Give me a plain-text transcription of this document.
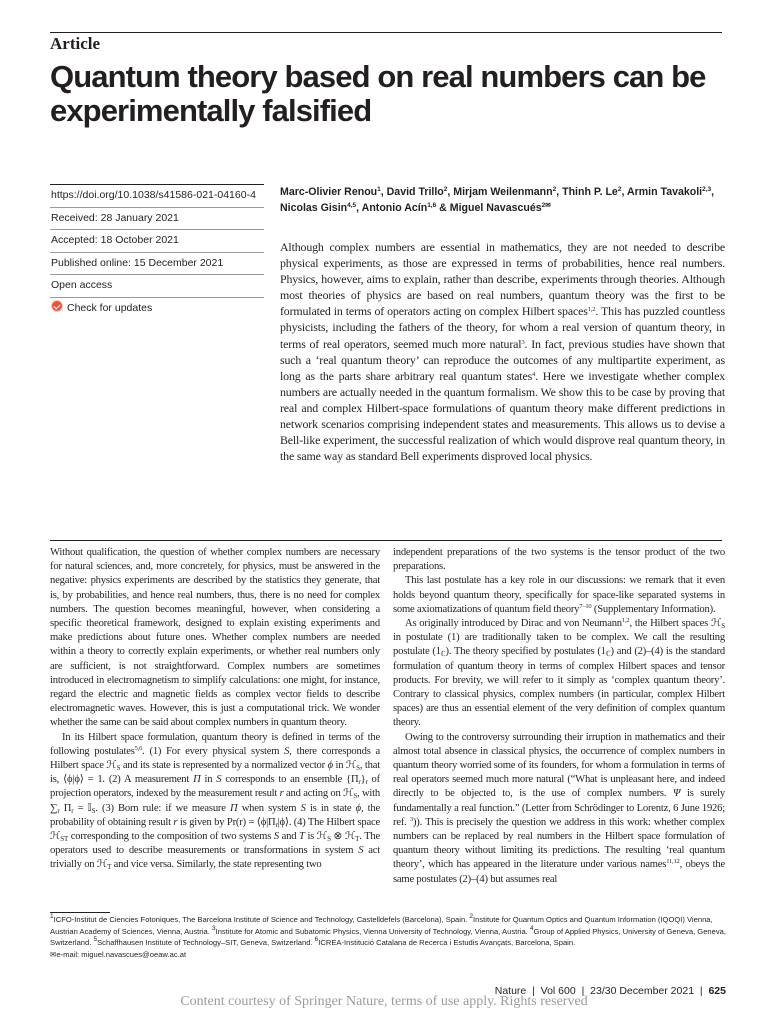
Article
Quantum theory based on real numbers can be experimentally falsified
https://doi.org/10.1038/s41586-021-04160-4
Received: 28 January 2021
Accepted: 18 October 2021
Published online: 15 December 2021
Open access
Check for updates
Marc-Olivier Renou$^1$, David Trillo$^2$, Mirjam Weilenmann$^2$, Thinh P. Le$^2$, Armin Tavakoli$^{2,3}$, Nicolas Gisin$^{4,5}$, Antonio Acín$^{1,6}$ & Miguel Navascués$^{2✉}$
Although complex numbers are essential in mathematics, they are not needed to describe physical experiments, as those are expressed in terms of probabilities, hence real numbers. Physics, however, aims to explain, rather than describe, experiments through theories. Although most theories of physics are based on real numbers, quantum theory was the first to be formulated in terms of operators acting on complex Hilbert spaces$^{1,2}$. This has puzzled countless physicists, including the fathers of the theory, for whom a real version of quantum theory, in terms of real operators, seemed much more natural$^3$. In fact, previous studies have shown that such a ‘real quantum theory’ can reproduce the outcomes of any multipartite experiment, as long as the parts share arbitrary real quantum states$^4$. Here we investigate whether complex numbers are actually needed in the quantum formalism. We show this to be case by proving that real and complex Hilbert-space formulations of quantum theory make different predictions in network scenarios comprising independent states and measurements. This allows us to devise a Bell-like experiment, the successful realization of which would disprove real quantum theory, in the same way as standard Bell experiments disproved local physics.

Without qualification, the question of whether complex numbers are necessary for natural sciences, and, more concretely, for physics, must be answered in the negative: physics experiments are described by the statistics they generate, that is, by probabilities, and hence real numbers, thus, there is no need for complex numbers. The question becomes meaningful, however, when considering a specific theoretical framework, designed to explain existing experiments and make predictions about future ones. Whether complex numbers are needed within a theory to correctly explain experiments, or whether real numbers only are sufficient, is not straightforward. Complex numbers are sometimes introduced in electromagnetism to simplify calculations: one might, for instance, regard the electric and magnetic fields as complex vector fields to describe electromagnetic waves. However, this is just a computational trick. We wonder whether the same can be said about complex numbers in quantum theory.

In its Hilbert space formulation, quantum theory is defined in terms of the following postulates$^{5,6}$. (1) For every physical system S, there corresponds a Hilbert space ℋ$_S$ and its state is represented by a normalized vector ϕ in ℋ$_S$, that is, ⟨ϕ|ϕ⟩ = 1. (2) A measurement Π in S corresponds to an ensemble $\{\Pi_r\}_r$ of projection operators, indexed by the measurement result r and acting on ℋ$_S$, with $\sum_r$ $\Pi_r$ = 𝕀$_S$. (3) Born rule: if we measure Π when system S is in state ϕ, the probability of obtaining result r is given by $Pr(r) = ⟨\phi|\Pi_r|\phi⟩$. (4) The Hilbert space ℋ$_{ST}$ corresponding to the composition of two systems S and T is ℋ$_S$ ⊗ ℋ$_T$. The operators used to describe measurements or transformations in system S act trivially on ℋ$_T$ and vice versa. Similarly, the state representing two

independent preparations of the two systems is the tensor product of the two preparations.

This last postulate has a key role in our discussions: we remark that it even holds beyond quantum theory, specifically for space-like separated systems in some axiomatizations of quantum field theory$^{7-10}$ (Supplementary Information).

As originally introduced by Dirac and von Neumann$^{1,2}$, the Hilbert spaces ℋ$_S$ in postulate (1) are traditionally taken to be complex. We call the resulting postulate $(1_ℂ)$. The theory specified by postulates $(1_ℂ)$ and (2)–(4) is the standard formulation of quantum theory in terms of complex Hilbert spaces and tensor products. For brevity, we will refer to it simply as ‘complex quantum theory’. Contrary to classical physics, complex numbers (in particular, complex Hilbert spaces) are thus an essential element of the very definition of complex quantum theory.

Owing to the controversy surrounding their irruption in mathematics and their almost total absence in classical physics, the occurrence of complex numbers in quantum theory worried some of its founders, for whom a formulation in terms of real operators seemed much more natural (“What is unpleasant here, and indeed directly to be objected to, is the use of complex numbers. Ψ is surely fundamentally a real function.” (Letter from Schrödinger to Lorentz, 6 June 1926; ref. $^3$)). This is precisely the question we address in this work: whether complex numbers can be replaced by real numbers in the Hilbert space formulation of quantum theory without limiting its predictions. The resulting ‘real quantum theory’, which has appeared in the literature under various names$^{11,12}$, obeys the same postulates (2)–(4) but assumes real

$^1$ICFO-Institut de Ciencies Fotoniques, The Barcelona Institute of Science and Technology, Castelldefels (Barcelona), Spain. $^2$Institute for Quantum Optics and Quantum Information (IQOQI) Vienna, Austrian Academy of Sciences, Vienna, Austria. $^3$Institute for Atomic and Subatomic Physics, Vienna University of Technology, Vienna, Austria. $^4$Group of Applied Physics, University of Geneva, Geneva, Switzerland. $^5$Schaffhausen Institute of Technology–SIT, Geneva, Switzerland. $^6$ICREA-Institució Catalana de Recerca i Estudis Avançats, Barcelona, Spain.

✉e-mail: miguel.navascues@oeaw.ac.at

Nature | Vol 600 | 23/30 December 2021 | 625
Content courtesy of Springer Nature, terms of use apply. Rights reserved
